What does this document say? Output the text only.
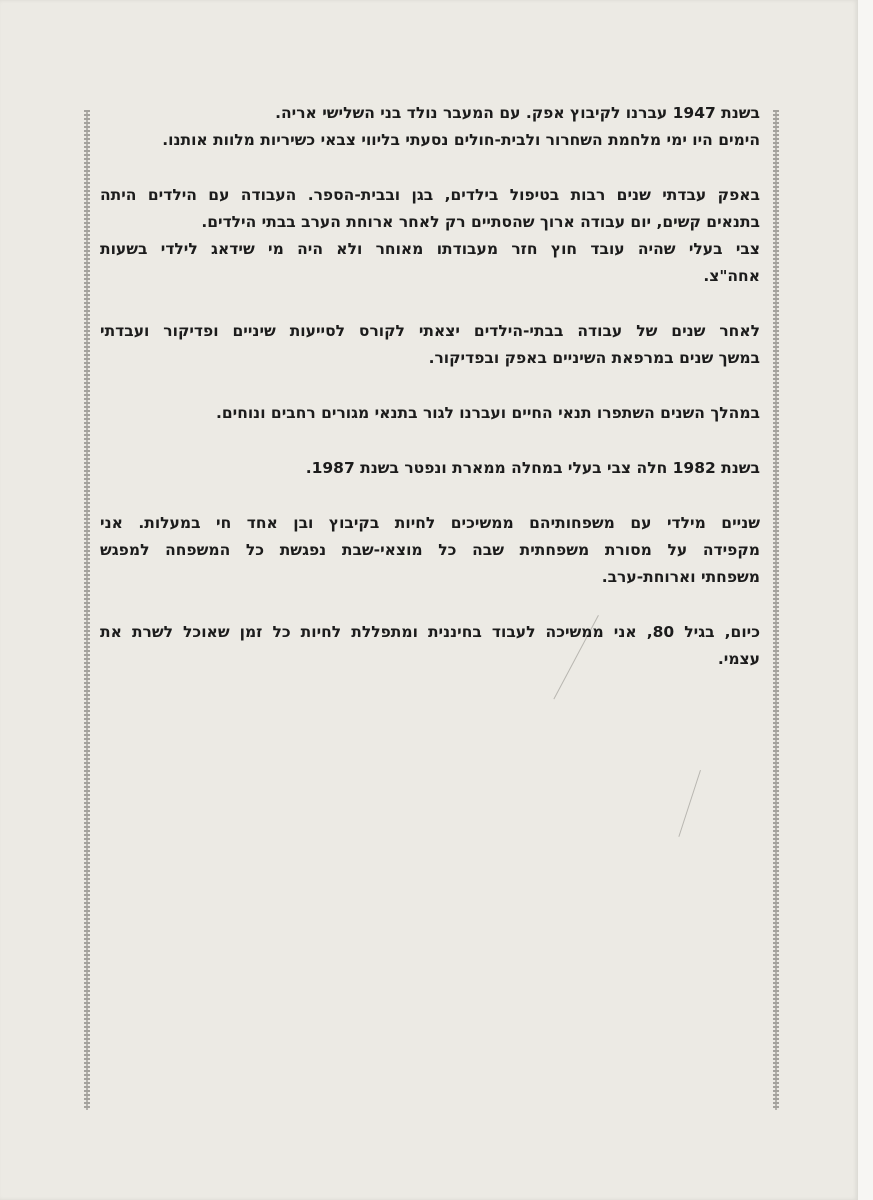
בשנת 1947 עברנו לקיבוץ אפק. עם המעבר נולד בני השלישי אריה.
הימים היו ימי מלחמת השחרור ולבית-חולים נסעתי בליווי צבאי כשיריות מלוות אותנו.

באפק עבדתי שנים רבות בטיפול בילדים, בגן ובבית-הספר. העבודה עם הילדים היתה
בתנאים קשים, יום עבודה ארוך שהסתיים רק לאחר ארוחת הערב בבתי הילדים.
צבי בעלי שהיה עובד חוץ חזר מעבודתו מאוחר ולא היה מי שידאג לילדי בשעות
אחה"צ.

לאחר שנים של עבודה בבתי-הילדים יצאתי לקורס לסייעות שיניים ופדיקור ועבדתי
במשך שנים במרפאת השיניים באפק ובפדיקור.

במהלך השנים השתפרו תנאי החיים ועברנו לגור בתנאי מגורים רחבים ונוחים.

בשנת 1982 חלה צבי בעלי במחלה ממארת ונפטר בשנת 1987.

שניים מילדי עם משפחותיהם ממשיכים לחיות בקיבוץ ובן אחד חי במעלות. אני
מקפידה על מסורת משפחתית שבה כל מוצאי-שבת נפגשת כל המשפחה למפגש
משפחתי וארוחת-ערב.

כיום, בגיל 80, אני ממשיכה לעבוד בחיננית ומתפללת לחיות כל זמן שאוכל לשרת את
עצמי.
